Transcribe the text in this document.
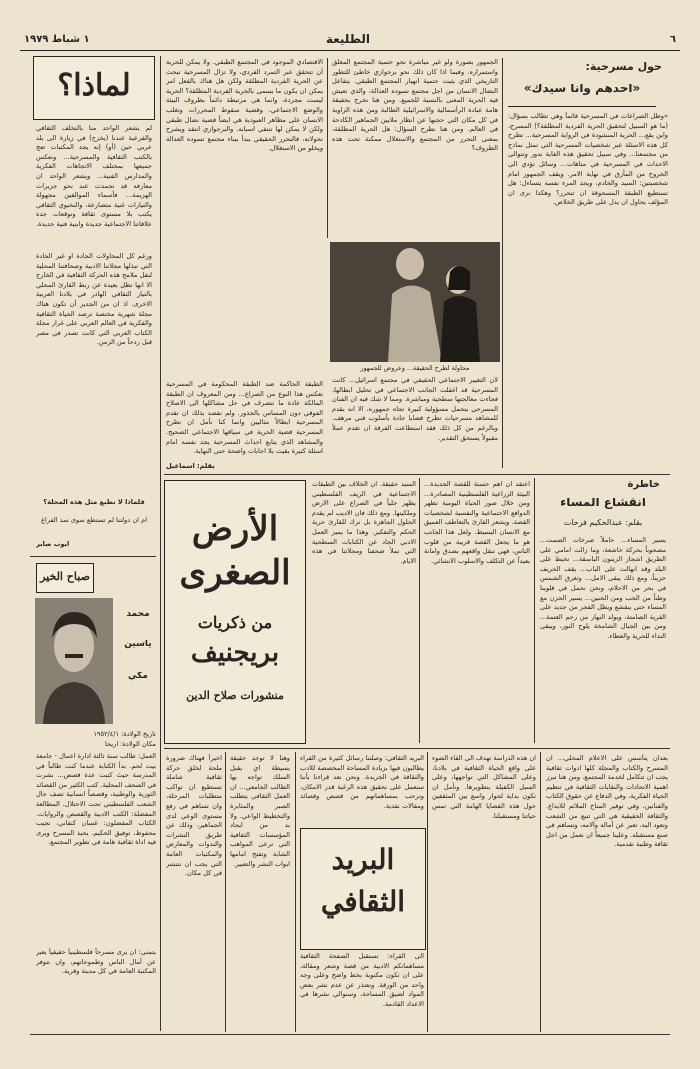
٦
الطليعة
١ شباط ١٩٧٩
لماذا؟
لم يشعر الواحد منا بالتخلف الثقافي والفرعية عندنا (يخرج) في زيارة الى بلد عربي حين (أو) إنه يجد المكتبات تعج بالكتب الثقافية والمسرحية... ونعكس جميعها بمختلف الاتجاهات الفكرية والمدارس الفنية... ويشعر الواحد ان معارفه قد تجمدت عند نحو جزيرات الهزيمة... فأسماء الموالفين مجهولة والتيارات غنية متصارعة، والنخبوي الثقافي يكتب بلا مستوى ثقافة وتوقعات جدة علاقاتنا الاجتماعية جديدة وابنية فنية جديدة.
ورغم كل المحاولات الجادة او غير الجادة التي تبذلها مجلاتنا الادبية وصحافتنا المحلية لنقل ملامح هذه الحركة الثقافية في الخارج الا انها تظل بعيدة عن ربط القارئ المحلي بالتيار الثقافي الهادر في بلادنا العربية الاخرى. اذ ان من الجدير أن تكون هناك مجلة شهرية مختصة ترصد الحياة الثقافية والفكرية في العالم العربي على غرار مجلة الكتاب العربي التي كانت تصدر في مصر قبل ردحاً من الزمن.
فلماذا لا نطبع مثل هذه المجلة؟
ام ان دولتنا لم تستطع سوى سد الفراغ
ايوب صابر
صباح الخير
محمد
ياسين
مكي
تاريخ الولادة: ١٩٥٢/٤/١
مكان الولادة: اريحا
العمل: طالب سنة ثالثة ادارة اعمال - جامعة بيت لحم. بدأ الكتابة عندما كنت طالباً في المدرسة حيث كتبت عدة قصص... نشرت في الصحف المحلية. كتب الكثير من القصائد الثورية والوطنية، وقصصاً انسانية تصف حال الشعب الفلسطيني تحت الاحتلال. المطالعة المفضلة: الكتب الادبية والقصص والروايات. الكتاب المفضلون: غسان كنفاني، نجيب محفوظ، توفيق الحكيم. يحبذ المسرح ويرى فيه اداة ثقافية هامة في تطوير المجتمع.
يتمنى: ان يرى مسرحاً فلسطينياً حقيقياً يعبر عن آمال الناس وطموحاتهم، وان تتوفر المكتبة العامة في كل مدينة وقرية.
حول مسرحية:
«احدهم وانا سيدك»
«وظل الصراعات في المسرحية قائماً وهي تطالب بسؤال: (ما هو السبيل لتحقيق الحرية الفردية المطلقة؟) المسرح، واين يقع... الحرية المنشودة في الرواية المسرحية... تطرح كل هذه الاسئلة عبر شخصيات المسرحية التي تمثل نماذج من مجتمعنا... وفي سبيل تحقيق هذه الغاية ندور وتتوالى الاحداث في المسرحية في متاهات... وسائل تؤدي الى الخروج من المأزق في نهاية الامر. ويقف الجمهور امام شخصيتين: السيد والخادم، ويجد المرء نفسه يتساءل: هل تستطيع الطبقة المسحوقة ان تتحرر؟ وهكذا نرى ان المؤلف يحاول ان يدل على طريق الخلاص.
الجمهور بصورة ولو غير مباشرة نحو حتمية المجتمع المغلق واستمراره. وفيما اذا كان ذلك نحو برجوازي خاطئ للتطور التاريخي الذي يثبت حتمية انهيار المجتمع الطبقي. يتفاعل النضال الانسان من اجل مجتمع تسوده العدالة، والذي تعيش فيه الحرية المعنى بالنسبة للجميع. ومن هنا نخرج بحقيقة هامة عبادة الرأسمالية والاسرائيلية الطالبة ومن هذه الزاوية في كل مكان التي حجبها عن انظار ملايين الجماهير الكادحة في العالم. ومن هنا نطرح السؤال: هل الحرية المطلقة، بمعنى التحرر من المجتمع والاستغلال ممكنة تحت هذه الظروف؟
الاقتصادي الموجود في المجتمع الطبقي. ولا يمكن للحرية أن تتحقق عبر التمرد الفردي، ولا تزال المسرحية تبحث عن الحرية الفردية المطلقة ولكن هل هناك بالفعل امر يمكن ان يكون ما يسمى بالحرية الفردية المطلقة؟ الحرية ليست مجردة، وانما هي مرتبطة دائماً بظروف البيئة والوضع الاجتماعي، وقضية سقوط المحررات وتغلب الانسان على مظاهر العبودية هي ايضاً قضية نضال طبقي ولكن لا يمكن لها تنتفي اسبابه. والبرجوازي انتقد ويشرح تحولاته، فالتحرر الحقيقي يبدأ ببناء مجتمع تسوده العدالة ويخلو من الاستغلال.
محاولة لطرح الحقيقة... وعروض للجمهور
لان التغيير الاجتماعي الحقيقي في مجتمع اسرائيل... كانت المسرحية قد اغفلت الجانب الاجتماعي في تحليل ابطالها، فجاءت معالجتها سطحية ومباشرة. ومما لا شك فيه ان الفنان المسرحي يتحمل مسؤولية كبيرة تجاه جمهوره، الا انه يقدم للمشاهد مسرحيات تطرح قضايا جادة بأسلوب فني مرهف. وبالرغم من كل ذلك فقد استطاعت الفرقة ان تقدم عملاً مقبولاً يستحق التقدير.
الطبقة الحاكمة ضد الطبقة المحكومة في المسرحية تعكس هذا النوع من الصراع... ومن المعروف ان الطبقة المالكة عادة ما تنصرف في حل مشاكلها الى الاصلاح الفوقي دون المساس بالجذور. ولم نقصد بذلك ان تقدم المسرحية ابطالاً مثاليين وانما كنا نأمل ان تطرح المسرحية قضية الحرية في سياقها الاجتماعي الصحيح. والمشاهد الذي يتابع احداث المسرحية يجد نفسه امام اسئلة كثيرة بقيت بلا اجابات واضحة حتى النهاية.
بقلم: اسماعيل
خاطرة
انقشاع المساء
بقلم: عبدالحكيم فرحات
يسير المساء... حاملاً صرخات الصمت... مصحوباً بحركة خاشعة، وما زالت امامي على الطريق اشجار الزيتون الباسقة... تخبط على البلد وقد انهالت على الباب... يقف الخريف حزيناً، ومع ذلك يبقى الامل... وتغرق الشمس في بحر من الاحلام، ونحن نحمل في قلوبنا وطناً من الحب ومن الحنين... يسير الحزن مع المساء حتى ينقشع ويطل الفجر من جديد على القرية الصامتة، ويولد النهار من رحم العتمة... ومن بين الجبال الشامخة يلوح النور، ويبقى النداء للحرية والعطاء.
اعتقد ان اهم حسنة للقصة الجديدة... البيئة الزراعية الفلسطينية المصادرة... ومن خلال صور الحياة اليومية تظهر الدوافع الاجتماعية والنفسية لشخصيات القصة. ويشعر القارئ بالتعاطف العميق مع الانسان البسيط. ولعل هذا الجانب هو ما يجعل القصة قريبة من قلوب الناس، فهي تنقل واقعهم بصدق وامانة بعيداً عن التكلف والاسلوب الانشائي.
السيد حقيقة. ان الخلاف بين الطبقات الاجتماعية في الريف الفلسطيني يظهر جلياً في الصراع على الارض وملكيتها. ومع ذلك فان الاديب لم يقدم الحلول الجاهزة بل ترك للقارئ حرية الحكم والتفكير. وهذا ما يميز العمل الادبي الجاد عن الكتابات السطحية التي تملأ صحفنا ومجلاتنا في هذه الايام.
الأرض
الصغرى
من ذكريات
بريجنيف
منشورات صلاح الدين
بعدان يتأسس على الاعلام المحلي... ان المسرح والكتاب والمجلة كلها ادوات ثقافية يجب ان تتكامل لخدمة المجتمع. ومن هنا تبرز اهمية الاتحادات والنقابات الثقافية في تنظيم الحياة الفكرية، وفي الدفاع عن حقوق الكتاب والفنانين، وفي توفير المناخ الملائم للابداع. والثقافة الحقيقية هي التي تنبع من الشعب وتعود اليه، تعبر عن آماله وآلامه، وتساهم في صنع مستقبله. وعلينا جميعاً ان نعمل من اجل ثقافة وطنية تقدمية.
ان هذه الدراسة تهدف الى القاء الضوء على واقع الحياة الثقافية في بلادنا، وعلى المشاكل التي تواجهها، وعلى السبل الكفيلة بتطويرها. ونأمل ان تكون بداية لحوار واسع بين المثقفين حول هذه القضايا الهامة التي تمس حياتنا ومستقبلنا.
البريد الثقافي: وصلتنا رسائل كثيرة من القراء يطالبون فيها بزيادة المساحة المخصصة للادب والثقافة في الجريدة. ونحن نعد قراءنا بأننا سنعمل على تحقيق هذه الرغبة قدر الامكان، ونرحب بمساهماتهم من قصص وقصائد ومقالات نقدية.
البريد
الثقافي
الى القراء: تستقبل الصفحة الثقافية مساهماتكم الادبية من قصة وشعر ومقالة، على ان تكون مكتوبة بخط واضح وعلى وجه واحد من الورقة. ونعتذر عن عدم نشر بعض المواد لضيق المساحة، وسنوالي نشرها في الاعداد القادمة.
وهنا لا توجد حقيقة بسيطة اي يقبل السلك تواجه بها الطالب الجامعي... ان العمل الثقافي يتطلب الصبر والمثابرة والتخطيط الواعي. ولا بد من ايجاد المؤسسات الثقافية التي ترعى المواهب الشابة وتفتح امامها ابواب النشر والتعبير.
اخيراً فهناك ضرورة ملحة لخلق حركة ثقافية شاملة تستطيع ان تواكب متطلبات المرحلة، وان تساهم في رفع مستوى الوعي لدى الجماهير، وذلك عن طريق النشرات والندوات والمعارض والمكتبات العامة التي يجب ان تنتشر في كل مكان.
